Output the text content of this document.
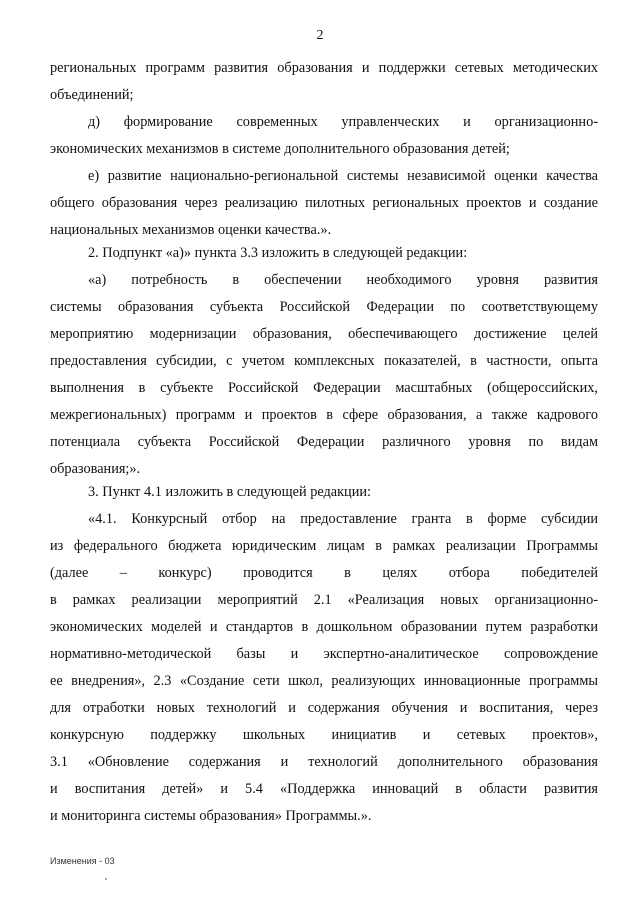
2
региональных программ развития образования и поддержки сетевых методических
объединений;
д) формирование современных управленческих и организационно-
экономических механизмов в системе дополнительного образования детей;
е) развитие национально-региональной системы независимой оценки качества
общего образования через реализацию пилотных региональных проектов и создание
национальных механизмов оценки качества.».
2. Подпункт «а)» пункта 3.3 изложить в следующей редакции:
«а) потребность в обеспечении необходимого уровня развития
системы образования субъекта Российской Федерации по соответствующему
мероприятию модернизации образования, обеспечивающего достижение целей
предоставления субсидии, с учетом комплексных показателей, в частности, опыта
выполнения в субъекте Российской Федерации масштабных (общероссийских,
межрегиональных) программ и проектов в сфере образования, а также кадрового
потенциала субъекта Российской Федерации различного уровня по видам
образования;».
3. Пункт 4.1 изложить в следующей редакции:
«4.1. Конкурсный отбор на предоставление гранта в форме субсидии
из федерального бюджета юридическим лицам в рамках реализации Программы
(далее – конкурс) проводится в целях отбора победителей
в рамках реализации мероприятий 2.1 «Реализация новых организационно-
экономических моделей и стандартов в дошкольном образовании путем разработки
нормативно-методической базы и экспертно-аналитическое сопровождение
ее внедрения», 2.3 «Создание сети школ, реализующих инновационные программы
для отработки новых технологий и содержания обучения и воспитания, через
конкурсную поддержку школьных инициатив и сетевых проектов»,
3.1 «Обновление содержания и технологий дополнительного образования
и воспитания детей» и 5.4 «Поддержка инноваций в области развития
и мониторинга системы образования» Программы.».
Изменения - 03
